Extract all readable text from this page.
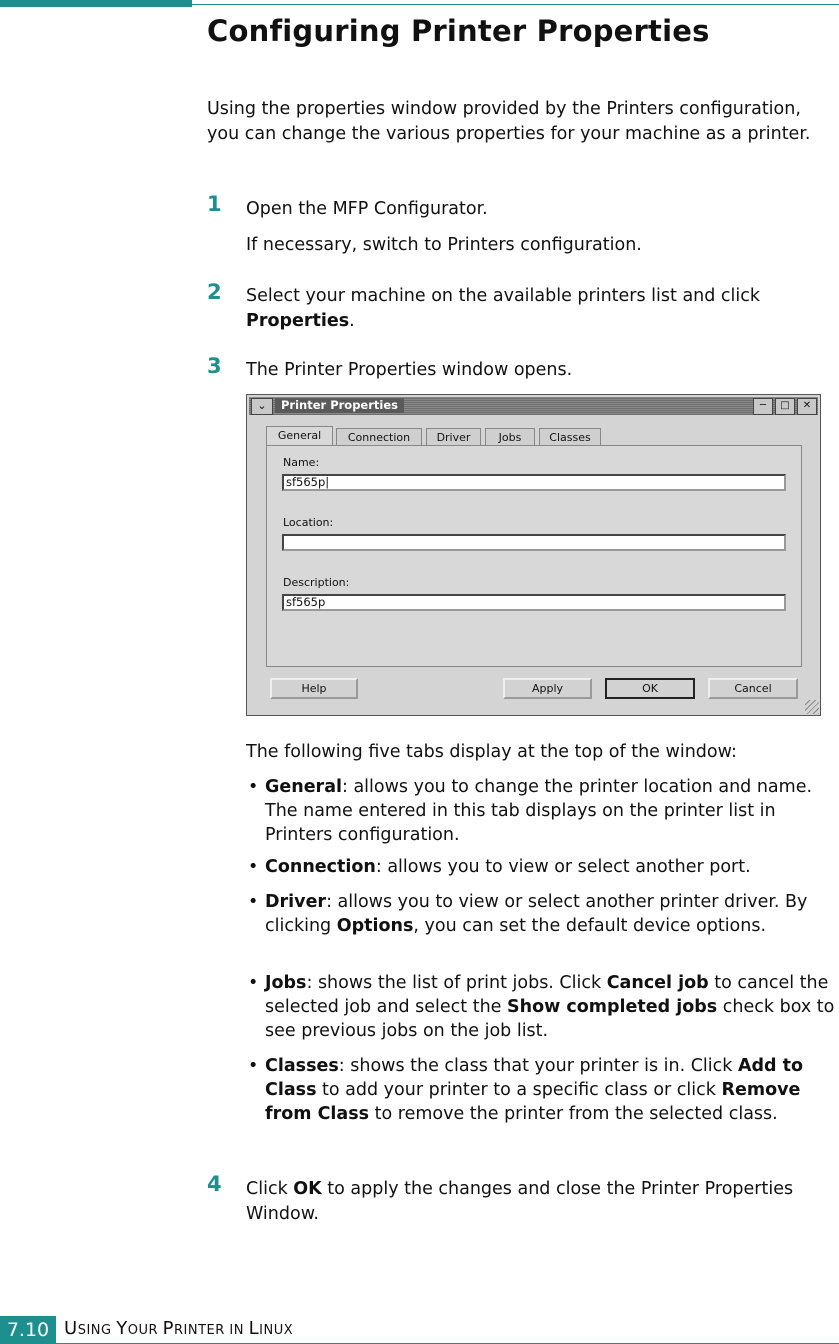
Configuring Printer Properties

Using the properties window provided by the Printers configuration, you can change the various properties for your machine as a printer.

1 Open the MFP Configurator.

If necessary, switch to Printers configuration.

2 Select your machine on the available printers list and click Properties.

3 The Printer Properties window opens.

⌄	Printer Properties	─	□	✕
General	Connection	Driver	Jobs	Classes
Name:
sf565p|
Location:
Description:
sf565p
Help	Apply	OK	Cancel

The following five tabs display at the top of the window:

• General: allows you to change the printer location and name. The name entered in this tab displays on the printer list in Printers configuration.
• Connection: allows you to view or select another port.
• Driver: allows you to view or select another printer driver. By clicking Options, you can set the default device options.
• Jobs: shows the list of print jobs. Click Cancel job to cancel the selected job and select the Show completed jobs check box to see previous jobs on the job list.
• Classes: shows the class that your printer is in. Click Add to Class to add your printer to a specific class or click Remove from Class to remove the printer from the selected class.
4 Click OK to apply the changes and close the Printer Properties Window.

7.10 USING YOUR PRINTER IN LINUX
